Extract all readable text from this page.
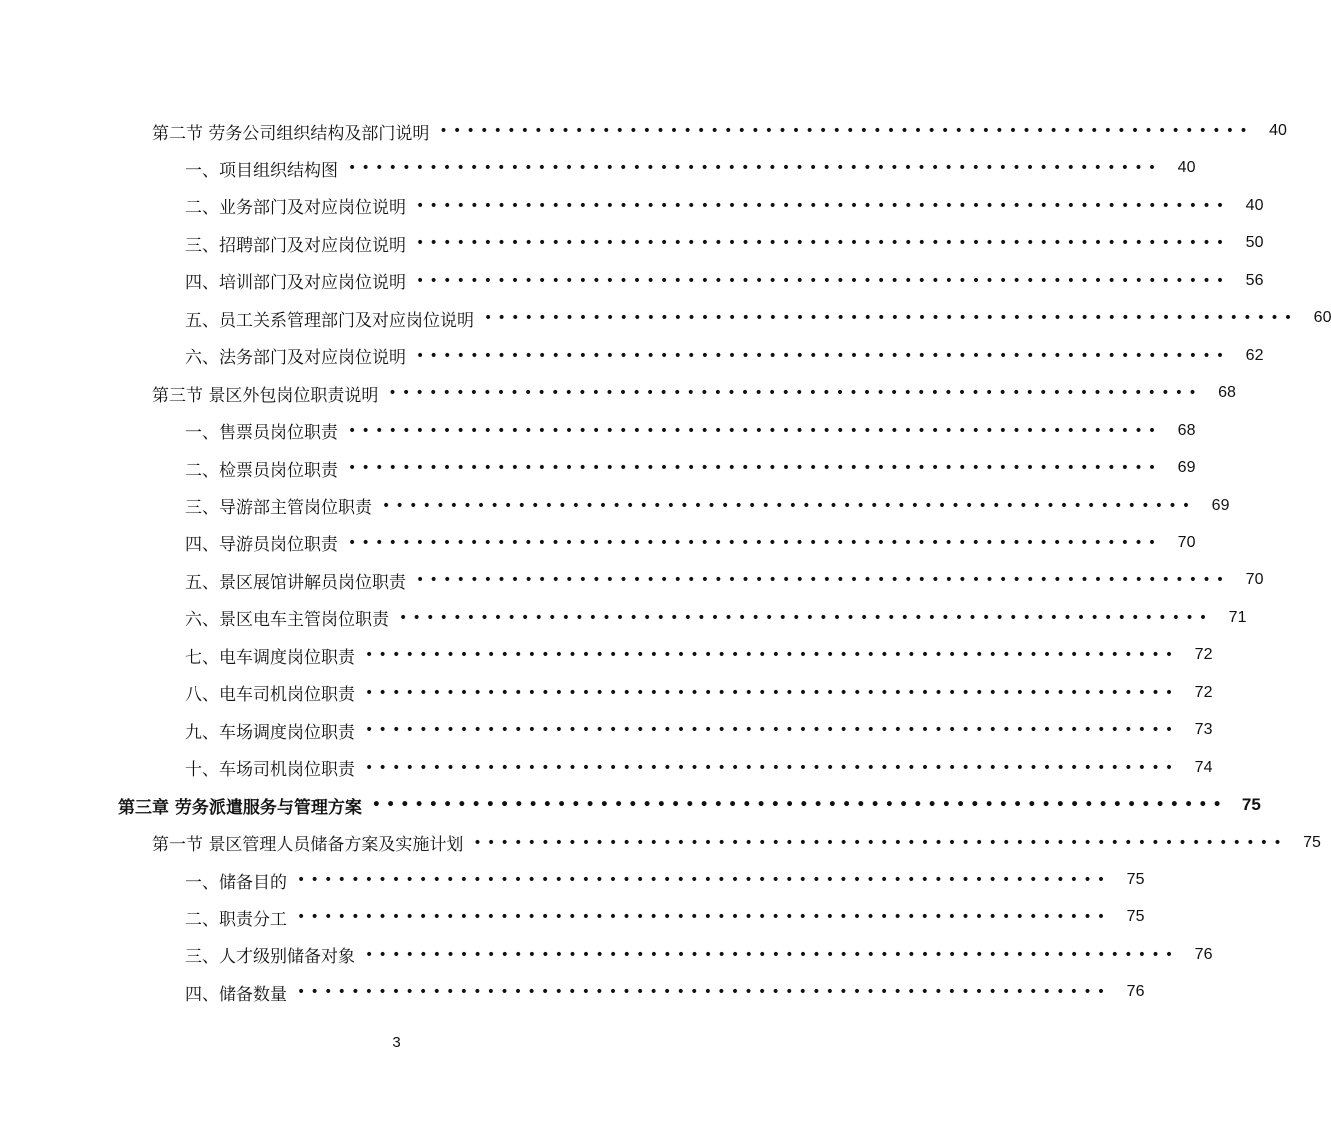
第二节 劳务公司组织结构及部门说明 ••••••••••••••••••••••••••••••••••••••••••••••••••••••••••••	40
一、项目组织结构图 ••••••••••••••••••••••••••••••••••••••••••••••••••••••••••••	40
二、业务部门及对应岗位说明 ••••••••••••••••••••••••••••••••••••••••••••••••••••••••••••	40
三、招聘部门及对应岗位说明 ••••••••••••••••••••••••••••••••••••••••••••••••••••••••••••	50
四、培训部门及对应岗位说明 ••••••••••••••••••••••••••••••••••••••••••••••••••••••••••••	56
五、员工关系管理部门及对应岗位说明 ••••••••••••••••••••••••••••••••••••••••••••••••••••••••••••	60
六、法务部门及对应岗位说明 ••••••••••••••••••••••••••••••••••••••••••••••••••••••••••••	62
第三节 景区外包岗位职责说明 ••••••••••••••••••••••••••••••••••••••••••••••••••••••••••••	68
一、售票员岗位职责 ••••••••••••••••••••••••••••••••••••••••••••••••••••••••••••	68
二、检票员岗位职责 ••••••••••••••••••••••••••••••••••••••••••••••••••••••••••••	69
三、导游部主管岗位职责 ••••••••••••••••••••••••••••••••••••••••••••••••••••••••••••	69
四、导游员岗位职责 ••••••••••••••••••••••••••••••••••••••••••••••••••••••••••••	70
五、景区展馆讲解员岗位职责 ••••••••••••••••••••••••••••••••••••••••••••••••••••••••••••	70
六、景区电车主管岗位职责 ••••••••••••••••••••••••••••••••••••••••••••••••••••••••••••	71
七、电车调度岗位职责 ••••••••••••••••••••••••••••••••••••••••••••••••••••••••••••	72
八、电车司机岗位职责 ••••••••••••••••••••••••••••••••••••••••••••••••••••••••••••	72
九、车场调度岗位职责 ••••••••••••••••••••••••••••••••••••••••••••••••••••••••••••	73
十、车场司机岗位职责 ••••••••••••••••••••••••••••••••••••••••••••••••••••••••••••	74
第三章 劳务派遣服务与管理方案 •••••••••••••••••••••••••••••••••••••••••••••••••••••••••••• 75
第一节 景区管理人员储备方案及实施计划 ••••••••••••••••••••••••••••••••••••••••••••••••••••••••••••	75
一、储备目的 ••••••••••••••••••••••••••••••••••••••••••••••••••••••••••••	75
二、职责分工 ••••••••••••••••••••••••••••••••••••••••••••••••••••••••••••	75
三、人才级别储备对象 ••••••••••••••••••••••••••••••••••••••••••••••••••••••••••••	76
四、储备数量 ••••••••••••••••••••••••••••••••••••••••••••••••••••••••••••	76
3
